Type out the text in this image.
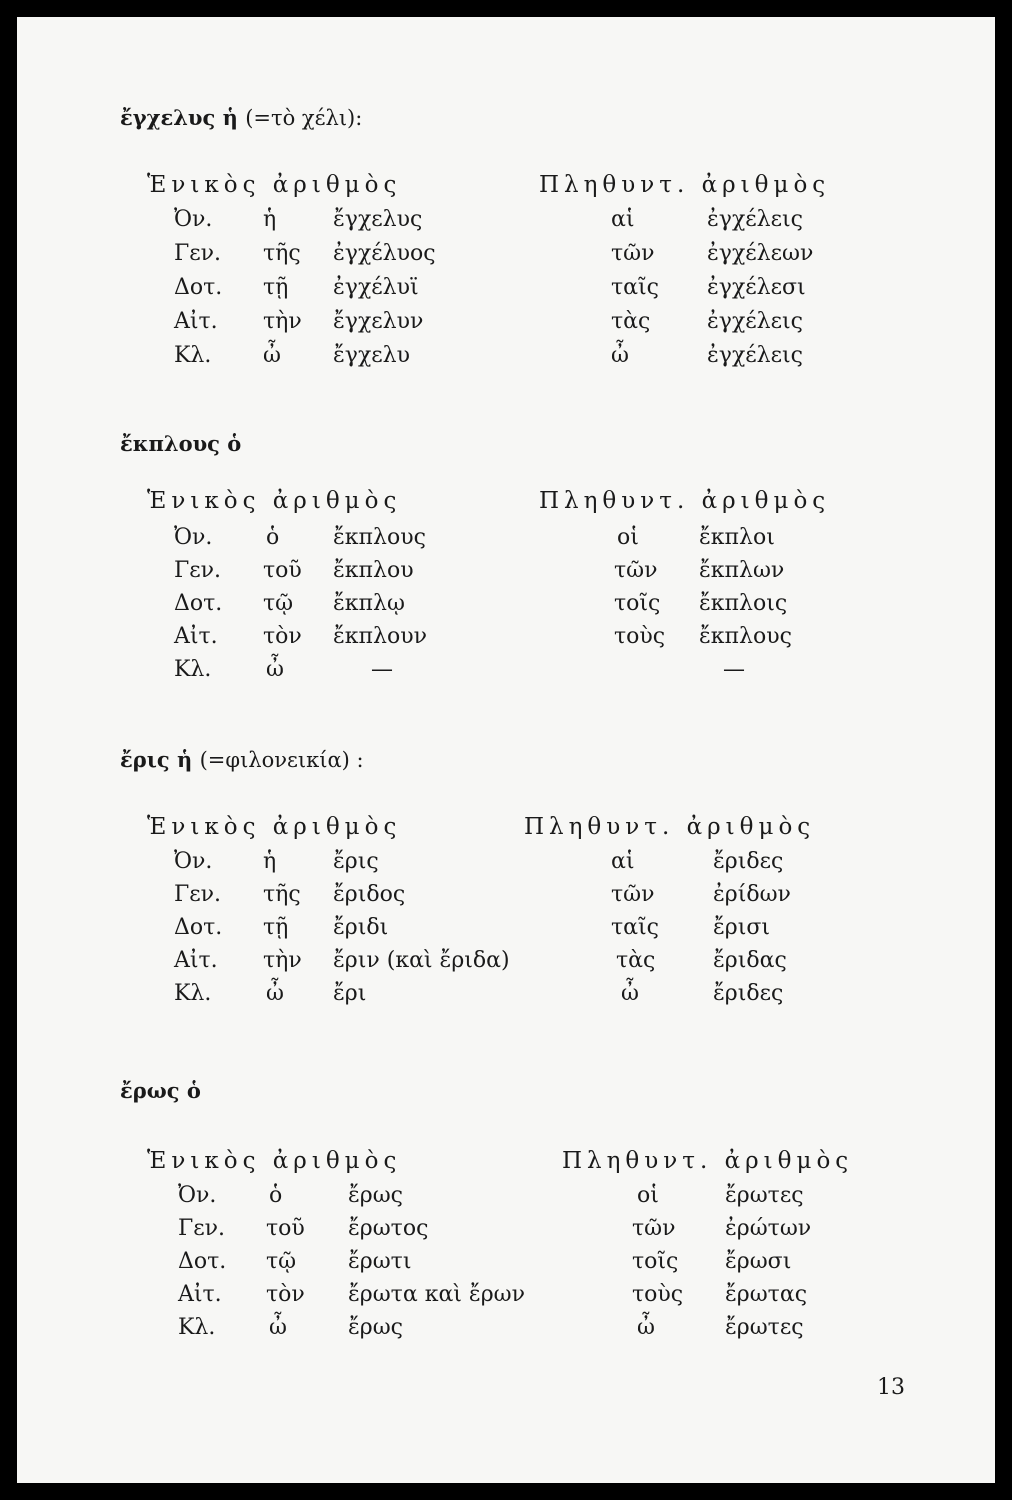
ἔγχελυς ἡ (=τὸ χέλι):
Ἑνικὸς ἀριθμὸς	Πληθυντ. ἀριθμὸς
Ὀν. ἡ	ἔγχελυς	αἱ	ἐγχέλεις
Γεν. τῆς ἐγχέλυος	τῶν ἐγχέλεων
Δοτ. τῇ ἐγχέλυϊ	ταῖς ἐγχέλεσι
Αἰτ. τὴν ἔγχελυν	τὰς	ἐγχέλεις
Κλ. ὦ ἔγχελυ	ὦ	ἐγχέλεις
ἔκπλους ὁ
Ἑνικὸς ἀριθμὸς	Πληθυντ. ἀριθμὸς
Ὀν. ὁ ἔκπλους	οἱ	ἔκπλοι
Γεν. τοῦ ἔκπλου	τῶν ἔκπλων
Δοτ. τῷ ἔκπλῳ	τοῖς ἔκπλοις
Αἰτ. τὸν ἔκπλουν	τοὺς ἔκπλους
Κλ. ὦ	—	—
ἔρις ἡ (=φιλονεικία) :
Ἑνικὸς ἀριθμὸς	Πληθυντ. ἀριθμὸς
Ὀν. ἡ	ἔρις	αἱ	ἔριδες
Γεν. τῆς ἔριδος	τῶν	ἐρίδων
Δοτ. τῇ ἔριδι	ταῖς ἔρισι
Αἰτ. τὴν ἔριν (καὶ ἔριδα)	τὰς	ἔριδας
Κλ. ὦ ἔρι	ὦ	ἔριδες
ἔρως ὁ
Ἑνικὸς ἀριθμὸς	Πληθυντ. ἀριθμὸς
Ὀν. ὁ	ἔρως	οἱ	ἔρωτες
Γεν. τοῦ ἔρωτος	τῶν ἐρώτων
Δοτ. τῷ ἔρωτι	τοῖς ἔρωσι
Αἰτ. τὸν ἔρωτα καὶ ἔρων	τοὺς ἔρωτας
Κλ. ὦ	ἔρως	ὦ	ἔρωτες
13
